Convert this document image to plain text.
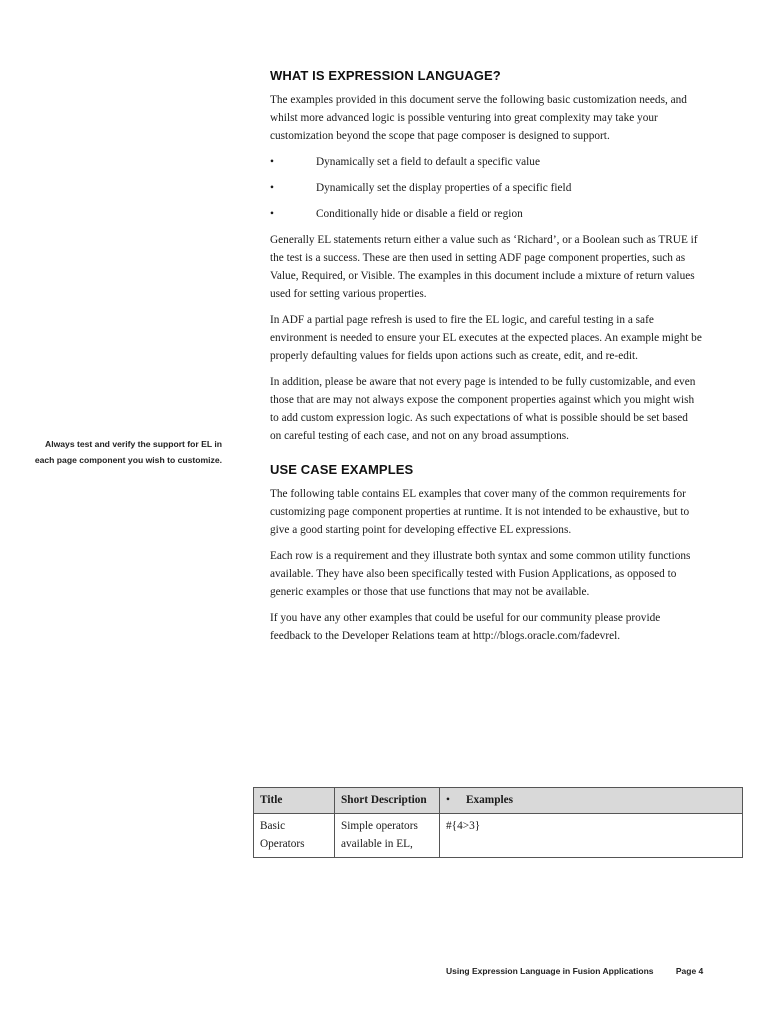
WHAT IS EXPRESSION LANGUAGE?

The examples provided in this document serve the following basic customization needs, and whilst more advanced logic is possible venturing into great complexity may take your customization beyond the scope that page composer is designed to support.

•	Dynamically set a field to default a specific value
•	Dynamically set the display properties of a specific field
•	Conditionally hide or disable a field or region

Generally EL statements return either a value such as ‘Richard’, or a Boolean such as TRUE if the test is a success. These are then used in setting ADF page component properties, such as Value, Required, or Visible. The examples in this document include a mixture of return values used for setting various properties.

In ADF a partial page refresh is used to fire the EL logic, and careful testing in a safe environment is needed to ensure your EL executes at the expected places. An example might be properly defaulting values for fields upon actions such as create, edit, and re-edit.

In addition, please be aware that not every page is intended to be fully customizable, and even those that are may not always expose the component properties against which you might wish to add custom expression logic. As such expectations of what is possible should be set based on careful testing of each case, and not on any broad assumptions.

USE CASE EXAMPLES

The following table contains EL examples that cover many of the common requirements for customizing page component properties at runtime. It is not intended to be exhaustive, but to give a good starting point for developing effective EL expressions.

Each row is a requirement and they illustrate both syntax and some common utility functions available. They have also been specifically tested with Fusion Applications, as opposed to generic examples or those that use functions that may not be available.

If you have any other examples that could be useful for our community please provide feedback to the Developer Relations team at http://blogs.oracle.com/fadevrel.

Always test and verify the support for EL in each page component you wish to customize.
Title	Short Description	• Examples
Basic Operators	Simple operators available in EL,	#{4>3}
Using Expression Language in Fusion Applications	Page 4
